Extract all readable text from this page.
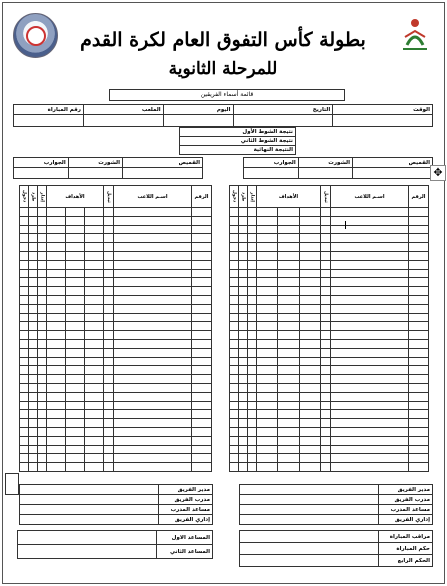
بطولة كأس التفوق العام لكرة القدم
للمرحلة الثانوية
قائمة أسماء الفريقين
رقم المباراة	الملعب	اليوم	التاريخ	الوقت

نتيجة الشوط الأول
نتيجة الشوط الثاني
النتيجة النهائية
الجوارب	الشورت	القميص
			الجوارب	الشورت	القميص

دخول	طرد	إنذار	الأهداف			تبديل	اسـم اللاعب	الرقم

									دخول	طرد	إنذار	الأهداف			تبديل	اسـم اللاعب	الرقم

✥
	مدير الفريق
	مدرب الفريق
	مساعد المدرب
	إداري الفريق
	مدير الفريق
	مدرب الفريق
	مساعد المدرب
	إداري الفريق
	المساعد الاول
	المساعد الثاني
	مراقب المباراة
	حكم المباراة
	الحكم الرابع
